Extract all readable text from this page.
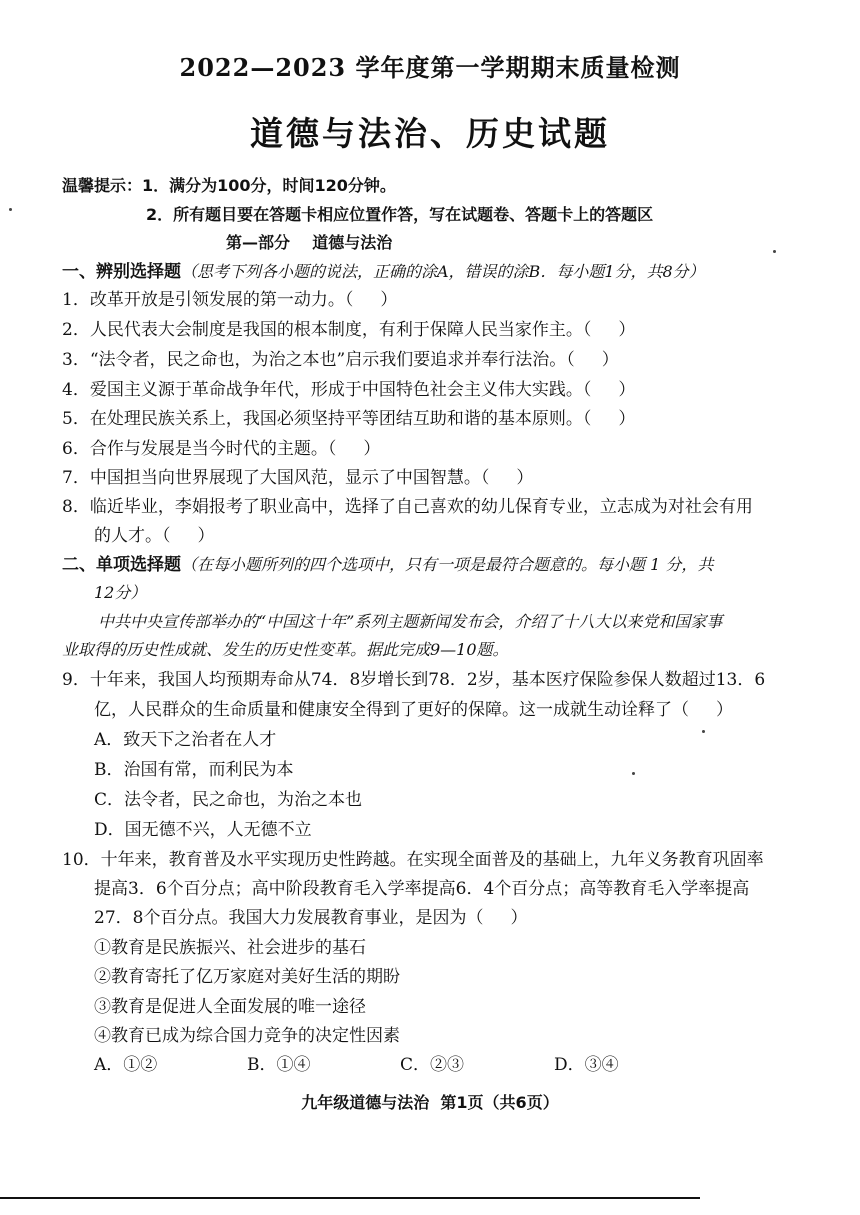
2022—2023 学年度第一学期期末质量检测
道德与法治、历史试题
温馨提示：1．满分为100分，时间120分钟。
2．所有题目要在答题卡相应位置作答，写在试题卷、答题卡上的答题区
第—部分    道德与法治
一、辨别选择题（思考下列各小题的说法，正确的涂A，错误的涂B．每小题1分，共8分）
1．改革开放是引领发展的第一动力。（     ）
2．人民代表大会制度是我国的根本制度，有利于保障人民当家作主。（     ）
3．“法令者，民之命也，为治之本也”启示我们要追求并奉行法治。（     ）
4．爱国主义源于革命战争年代，形成于中国特色社会主义伟大实践。（     ）
5．在处理民族关系上，我国必须坚持平等团结互助和谐的基本原则。（     ）
6．合作与发展是当今时代的主题。（     ）
7．中国担当向世界展现了大国风范，显示了中国智慧。（     ）
8．临近毕业，李娟报考了职业高中，选择了自己喜欢的幼儿保育专业，立志成为对社会有用
的人才。（     ）
二、单项选择题（在每小题所列的四个选项中，只有一项是最符合题意的。每小题 1 分，共
12分）
中共中央宣传部举办的“中国这十年”系列主题新闻发布会，介绍了十八大以来党和国家事
业取得的历史性成就、发生的历史性变革。据此完成9—10题。
9．十年来，我国人均预期寿命从74．8岁增长到78．2岁，基本医疗保险参保人数超过13．6
亿，人民群众的生命质量和健康安全得到了更好的保障。这一成就生动诠释了（     ）
A．致天下之治者在人才
B．治国有常，而利民为本
C．法令者，民之命也，为治之本也
D．国无德不兴，人无德不立
10．十年来，教育普及水平实现历史性跨越。在实现全面普及的基础上，九年义务教育巩固率
提高3．6个百分点；高中阶段教育毛入学率提高6．4个百分点；高等教育毛入学率提高
27．8个百分点。我国大力发展教育事业，是因为（     ）
①教育是民族振兴、社会进步的基石
②教育寄托了亿万家庭对美好生活的期盼
③教育是促进人全面发展的唯一途径
④教育已成为综合国力竞争的决定性因素
A．①②	B．①④	C．②③	D．③④
九年级道德与法治  第1页（共6页）
